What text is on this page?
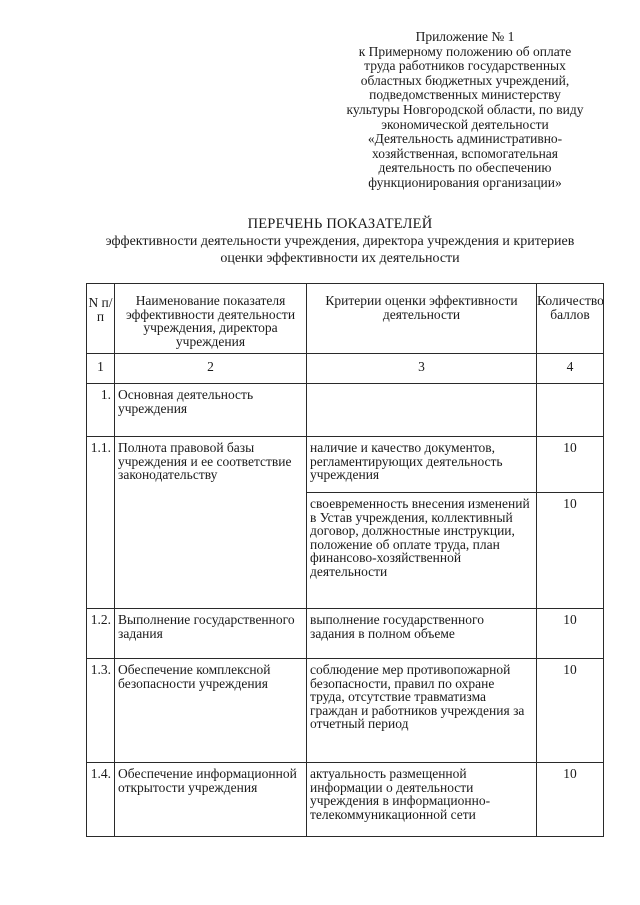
Приложение № 1
к Примерному положению об оплате
труда работников государственных
областных бюджетных учреждений,
подведомственных министерству
культуры Новгородской области, по виду
экономической деятельности
«Деятельность административно-
хозяйственная, вспомогательная
деятельность по обеспечению
функционирования организации»
ПЕРЕЧЕНЬ ПОКАЗАТЕЛЕЙ
эффективности деятельности учреждения, директора учреждения и критериев
оценки эффективности их деятельности
N п/п	Наименование показателя эффективности деятельности учреждения, директора учреждения	Критерии оценки эффективности деятельности	Количество баллов
1	2	3	4
1.	Основная деятельность учреждения		
1.1.	Полнота правовой базы учреждения и ее соответствие законодательству	наличие и качество документов, регламентирующих деятельность учреждения	10
		своевременность внесения изменений в Устав учреждения, коллективный договор, должностные инструкции, положение об оплате труда, план финансово-хозяйственной деятельности	10
1.2.	Выполнение государственного задания	выполнение государственного задания в полном объеме	10
1.3.	Обеспечение комплексной безопасности учреждения	соблюдение мер противопожарной безопасности, правил по охране труда, отсутствие травматизма граждан и работников учреждения за отчетный период	10
1.4.	Обеспечение информационной открытости учреждения	актуальность размещенной информации о деятельности учреждения в информационно-телекоммуникационной сети	10
